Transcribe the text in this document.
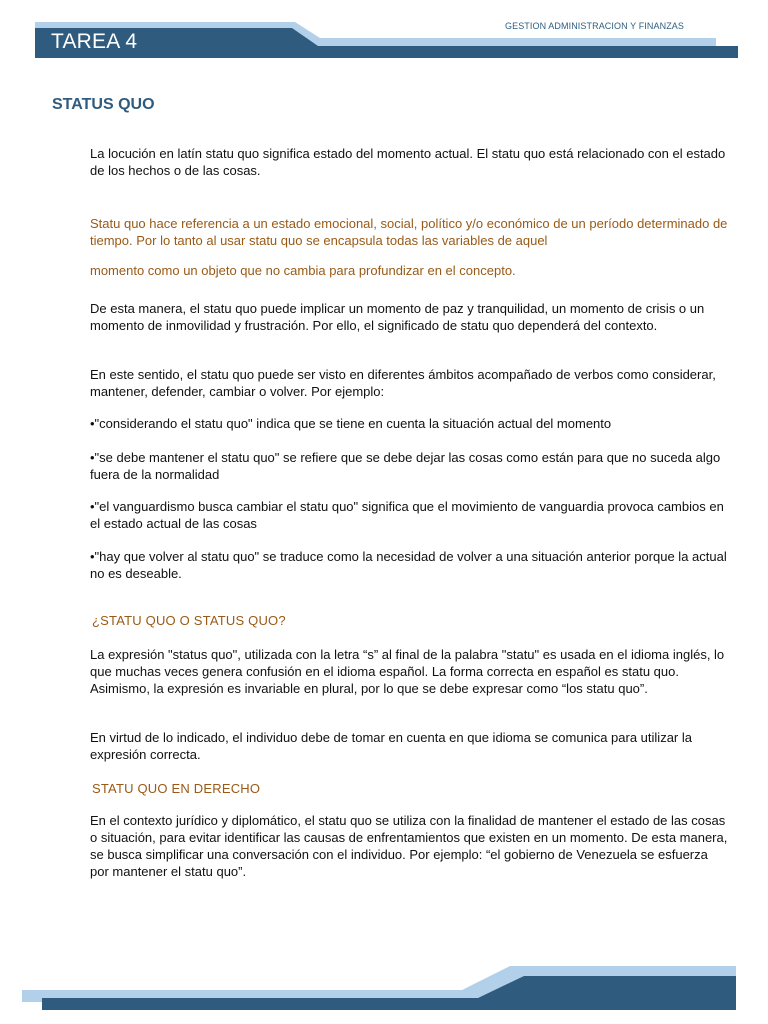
TAREA 4
GESTION ADMINISTRACION Y FINANZAS
STATUS QUO

La locución en latín statu quo significa estado del momento actual. El statu quo está relacionado con el estado de los hechos o de las cosas.

Statu quo hace referencia a un estado emocional, social, político y/o económico de un período determinado de tiempo. Por lo tanto al usar statu quo se encapsula todas las variables de aquel

momento como un objeto que no cambia para profundizar en el concepto.

De esta manera, el statu quo puede implicar un momento de paz y tranquilidad, un momento de crisis o un momento de inmovilidad y frustración. Por ello, el significado de statu quo dependerá del contexto.

En este sentido, el statu quo puede ser visto en diferentes ámbitos acompañado de verbos como considerar, mantener, defender, cambiar o volver. Por ejemplo:

•"considerando el statu quo" indica que se tiene en cuenta la situación actual del momento

•"se debe mantener el statu quo" se refiere que se debe dejar las cosas como están para que no suceda algo fuera de la normalidad

•"el vanguardismo busca cambiar el statu quo" significa que el movimiento de vanguardia provoca cambios en el estado actual de las cosas

•"hay que volver al statu quo" se traduce como la necesidad de volver a una situación anterior porque la actual no es deseable.

¿STATU QUO O STATUS QUO?

La expresión "status quo", utilizada con la letra “s” al final de la palabra "statu" es usada en el idioma inglés, lo que muchas veces genera confusión en el idioma español. La forma correcta en español es statu quo. Asimismo, la expresión es invariable en plural, por lo que se debe expresar como “los statu quo”.

En virtud de lo indicado, el individuo debe de tomar en cuenta en que idioma se comunica para utilizar la expresión correcta.

STATU QUO EN DERECHO

En el contexto jurídico y diplomático, el statu quo se utiliza con la finalidad de mantener el estado de las cosas o situación, para evitar identificar las causas de enfrentamientos que existen en un momento. De esta manera, se busca simplificar una conversación con el individuo. Por ejemplo: “el gobierno de Venezuela se esfuerza por mantener el statu quo”.
